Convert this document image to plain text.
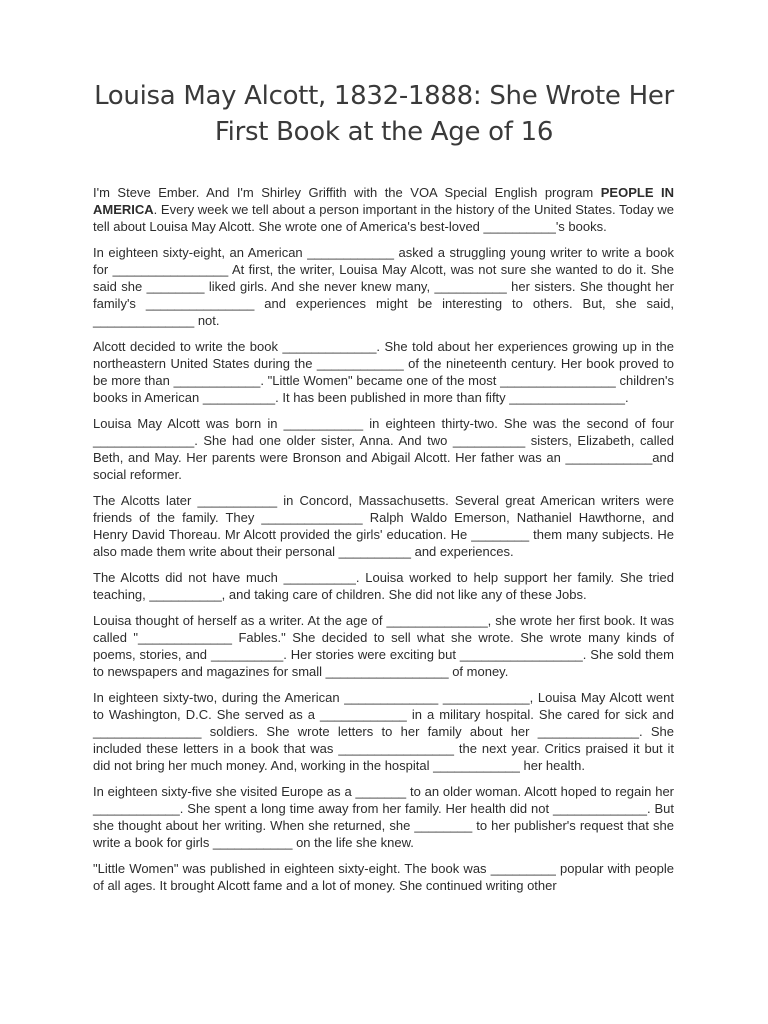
Louisa May Alcott, 1832-1888: She Wrote Her
First Book at the Age of 16

I'm Steve Ember. And I'm Shirley Griffith with the VOA Special English program PEOPLE IN AMERICA. Every week we tell about a person important in the history of the United States. Today we tell about Louisa May Alcott. She wrote one of America's best-loved __________'s books.

In eighteen sixty-eight, an American ____________ asked a struggling young writer to write a book for ________________ At first, the writer, Louisa May Alcott, was not sure she wanted to do it. She said she ________ liked girls. And she never knew many, __________ her sisters. She thought her family's _______________ and experiences might be interesting to others. But, she said, ______________ not.

Alcott decided to write the book _____________. She told about her experiences growing up in the northeastern United States during the ____________ of the nineteenth century. Her book proved to be more than ____________. "Little Women" became one of the most ________________ children's books in American __________. It has been published in more than fifty ________________.

Louisa May Alcott was born in ___________ in eighteen thirty-two. She was the second of four ______________. She had one older sister, Anna. And two __________ sisters, Elizabeth, called Beth, and May. Her parents were Bronson and Abigail Alcott. Her father was an ____________and social reformer.

The Alcotts later ___________ in Concord, Massachusetts. Several great American writers were friends of the family. They ______________ Ralph Waldo Emerson, Nathaniel Hawthorne, and Henry David Thoreau. Mr Alcott provided the girls' education. He ________ them many subjects. He also made them write about their personal __________ and experiences.

The Alcotts did not have much __________. Louisa worked to help support her family. She tried teaching, __________, and taking care of children. She did not like any of these Jobs.

Louisa thought of herself as a writer. At the age of ______________, she wrote her first book. It was called "_____________ Fables." She decided to sell what she wrote. She wrote many kinds of poems, stories, and __________. Her stories were exciting but _________________. She sold them to newspapers and magazines for small _________________ of money.

In eighteen sixty-two, during the American _____________ ____________, Louisa May Alcott went to Washington, D.C. She served as a ____________ in a military hospital. She cared for sick and _______________ soldiers. She wrote letters to her family about her ______________. She included these letters in a book that was ________________ the next year. Critics praised it but it did not bring her much money. And, working in the hospital ____________ her health.

In eighteen sixty-five she visited Europe as a _______ to an older woman. Alcott hoped to regain her ____________. She spent a long time away from her family. Her health did not _____________. But she thought about her writing. When she returned, she ________ to her publisher's request that she write a book for girls ___________ on the life she knew.

"Little Women" was published in eighteen sixty-eight. The book was _________ popular with people of all ages. It brought Alcott fame and a lot of money. She continued writing other
